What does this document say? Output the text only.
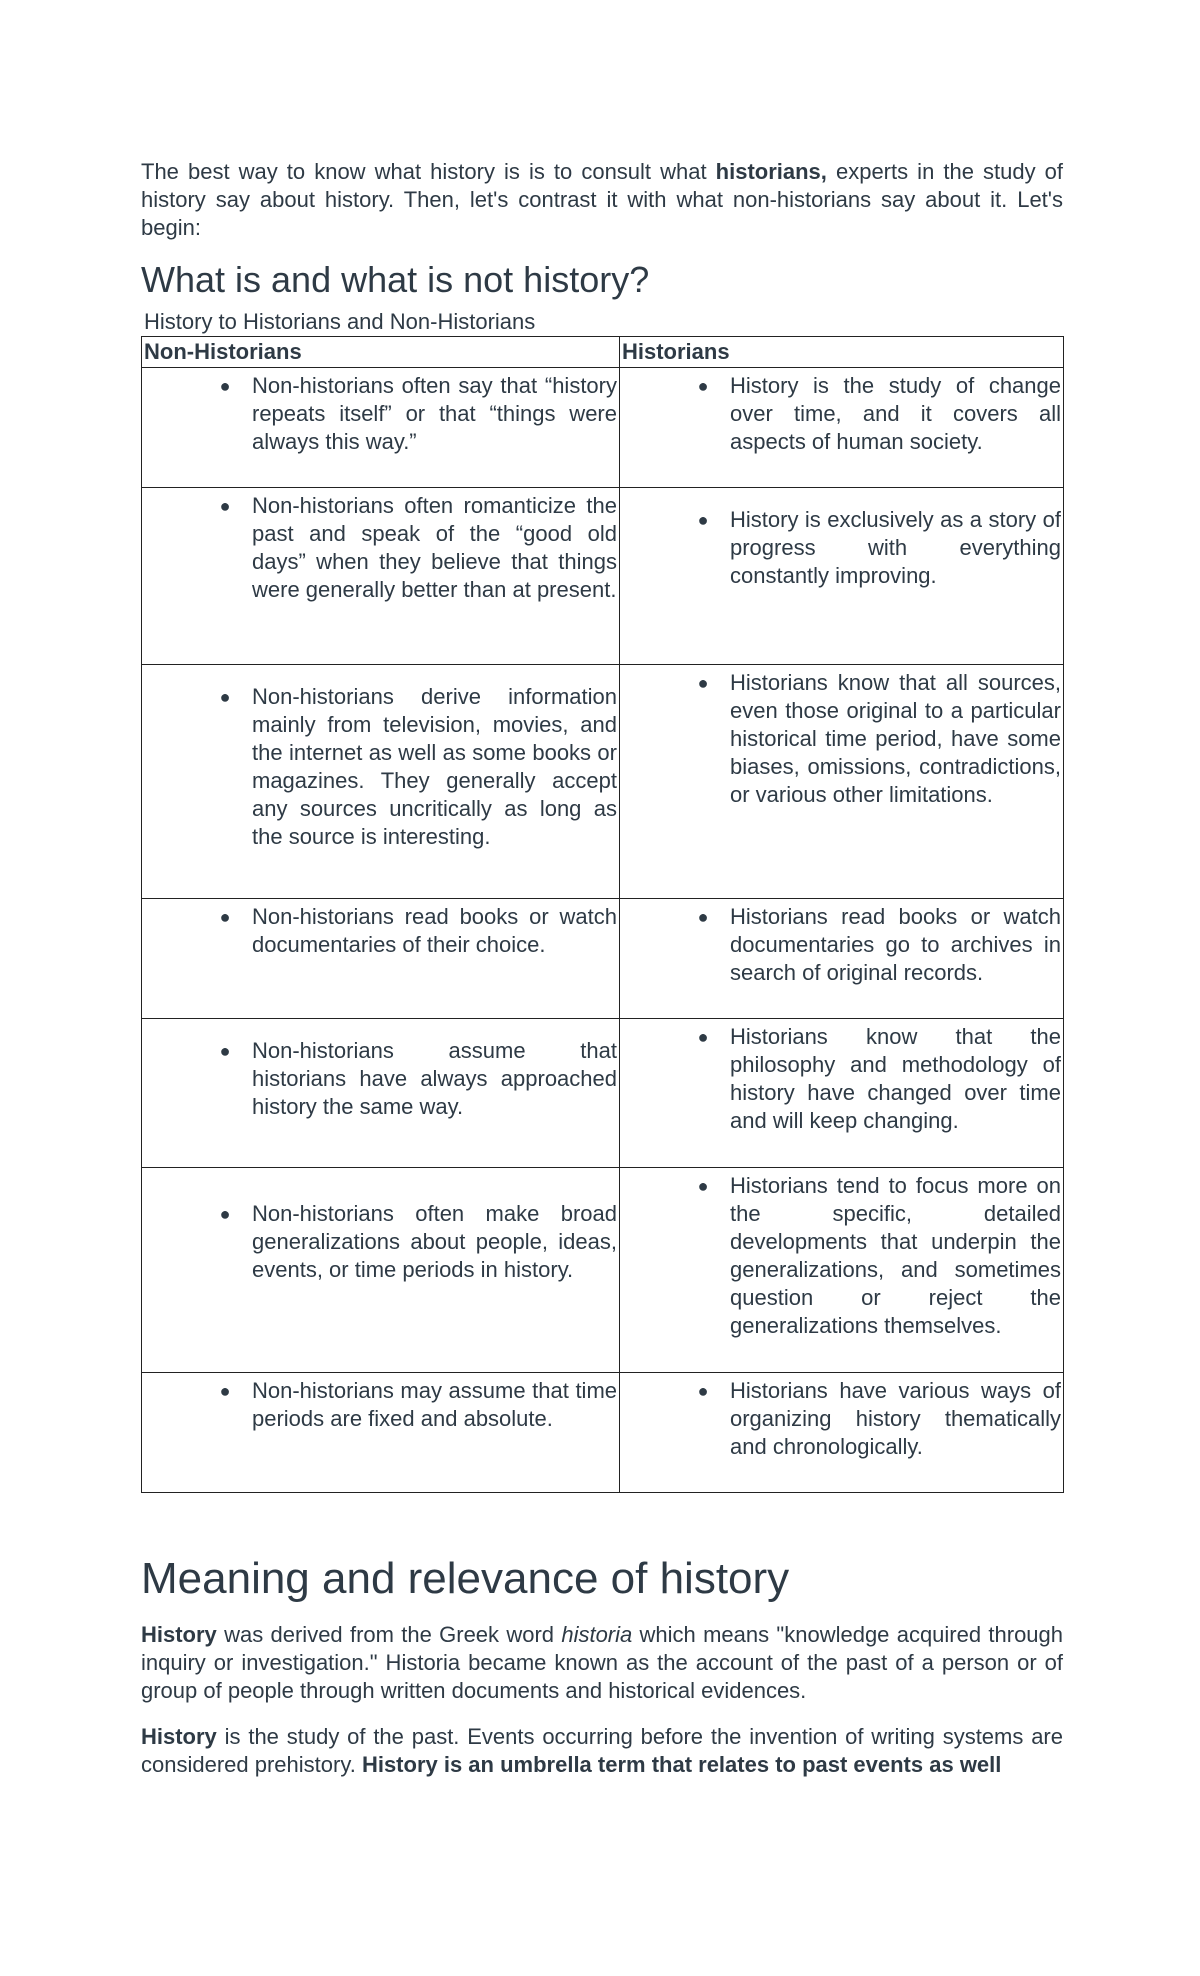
The best way to know what history is is to consult what historians, experts in the study of history say about history. Then, let's contrast it with what non-historians say about it. Let's begin:

What is and what is not history?
History to Historians and Non-Historians
Non-Historians	Historians

● Non-historians often say that “history repeats itself” or that “things were always this way.”	● History is the study of change over time, and it covers all aspects of human society.

● Non-historians often romanticize the past and speak of the “good old days” when they believe that things were generally better than at present.	● History is exclusively as a story of progress with everything constantly improving.

● Non-historians derive information mainly from television, movies, and the internet as well as some books or magazines. They generally accept any sources uncritically as long as the source is interesting.	● Historians know that all sources, even those original to a particular historical time period, have some biases, omissions, contradictions, or various other limitations.

● Non-historians read books or watch documentaries of their choice.	● Historians read books or watch documentaries go to archives in search of original records.

● Non-historians assume that historians have always approached history the same way.	● Historians know that the philosophy and methodology of history have changed over time and will keep changing.

● Non-historians often make broad generalizations about people, ideas, events, or time periods in history.	● Historians tend to focus more on the specific, detailed developments that underpin the generalizations, and sometimes question or reject the generalizations themselves.

● Non-historians may assume that time periods are fixed and absolute.	● Historians have various ways of organizing history thematically and chronologically.
Meaning and relevance of history

History was derived from the Greek word historia which means "knowledge acquired through inquiry or investigation." Historia became known as the account of the past of a person or of group of people through written documents and historical evidences.

History is the study of the past. Events occurring before the invention of writing systems are considered prehistory. History is an umbrella term that relates to past events as well
